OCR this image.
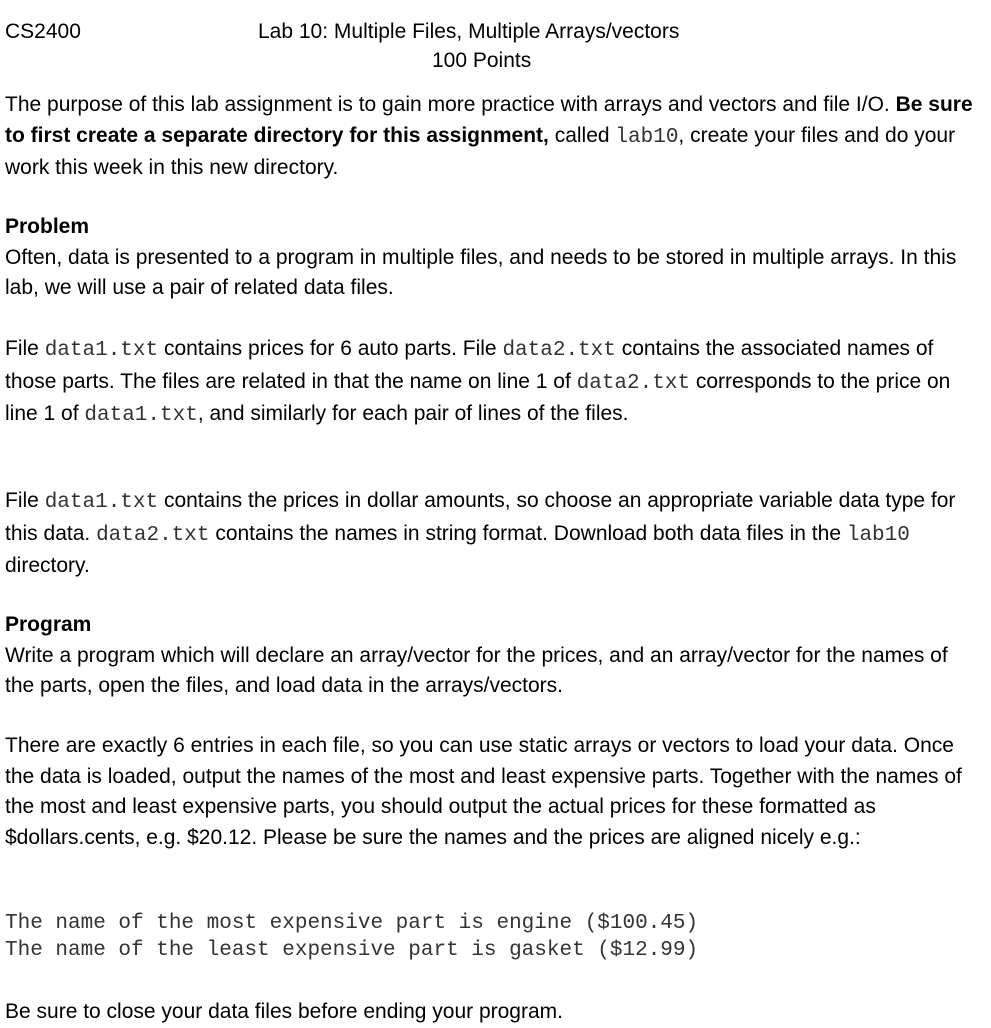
CS2400	Lab 10: Multiple Files, Multiple Arrays/vectors
100 Points

The purpose of this lab assignment is to gain more practice with arrays and vectors and file I/O. Be sure to first create a separate directory for this assignment, called lab10, create your files and do your work this week in this new directory.

Problem

Often, data is presented to a program in multiple files, and needs to be stored in multiple arrays. In this lab, we will use a pair of related data files.

File data1.txt contains prices for 6 auto parts. File data2.txt contains the associated names of those parts. The files are related in that the name on line 1 of data2.txt corresponds to the price on line 1 of data1.txt, and similarly for each pair of lines of the files.

File data1.txt contains the prices in dollar amounts, so choose an appropriate variable data type for this data. data2.txt contains the names in string format. Download both data files in the lab10 directory.

Program

Write a program which will declare an array/vector for the prices, and an array/vector for the names of the parts, open the files, and load data in the arrays/vectors.

There are exactly 6 entries in each file, so you can use static arrays or vectors to load your data. Once the data is loaded, output the names of the most and least expensive parts. Together with the names of the most and least expensive parts, you should output the actual prices for these formatted as $dollars.cents, e.g. $20.12. Please be sure the names and the prices are aligned nicely e.g.:

The name of the most expensive part is engine ($100.45)
The name of the least expensive part is gasket ($12.99)

Be sure to close your data files before ending your program.
